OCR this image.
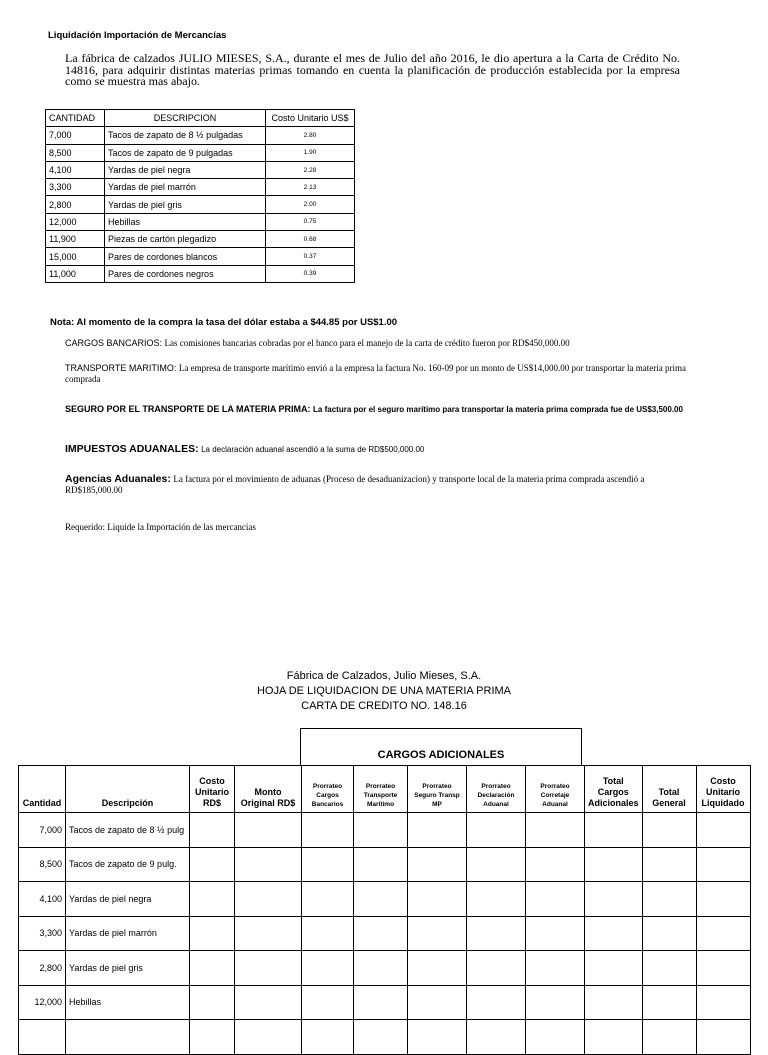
Liquidación Importación de Mercancías
La fábrica de calzados JULIO MIESES, S.A., durante el mes de Julio del año 2016, le dio apertura a la Carta de Crédito No. 14816, para adquirir distintas materias primas tomando en cuenta la planificación de producción establecida por la empresa como se muestra mas abajo.
CANTIDAD	DESCRIPCION	Costo Unitario US$
7,000	Tacos de zapato de 8 ½ pulgadas	2.80
8,500	Tacos de zapato de 9 pulgadas	1.90
4,100	Yardas de piel negra	2.28
3,300	Yardas de piel marrón	2.13
2,800	Yardas de piel gris	2.00
12,000	Hebillas	0.75
11,900	Piezas de cartón plegadizo	0.68
15,000	Pares de cordones blancos	0.37
11,000	Pares de cordones negros	0.39
Nota: Al momento de la compra la tasa del dólar estaba a $44.85 por US$1.00
CARGOS BANCARIOS: Las comisiones bancarias cobradas por el banco para el manejo de la carta de crédito fueron por RD$450,000.00
TRANSPORTE MARITIMO: La empresa de transporte marítimo envió a la empresa la factura No. 160-09 por un monto de US$14,000.00 por transportar la materia prima comprada
SEGURO POR EL TRANSPORTE DE LA MATERIA PRIMA: La factura por el seguro marítimo para transportar la materia prima comprada fue de US$3,500.00
IMPUESTOS ADUANALES: La declaración aduanal ascendió a la suma de RD$500,000.00
Agencias Aduanales: La factura por el movimiento de aduanas (Proceso de desaduanizacion) y transporte local de la materia prima comprada ascendió a RD$185,000.00
Requerido: Liquide la Importación de las mercancías
Fábrica de Calzados, Julio Mieses, S.A.
HOJA DE LIQUIDACION DE UNA MATERIA PRIMA
CARTA DE CREDITO NO. 148.16
CARGOS ADICIONALES
Cantidad	Descripción	Costo Unitario RD$	Monto Original RD$	Prorrateo Cargos Bancarios	Prorrateo Transporte Marítimo	Prorrateo Seguro Transp MP	Prorrateo Declaración Aduanal	Prorrateo Corretaje Aduanal	Total Cargos Adicionales	Total General	Costo Unitario Liquidado
7,000	Tacos de zapato de 8 ½ pulg										
8,500	Tacos de zapato de 9 pulg.										
4,100	Yardas de piel negra										
3,300	Yardas de piel marrón										
2,800	Yardas de piel gris										
12,000	Hebillas										
